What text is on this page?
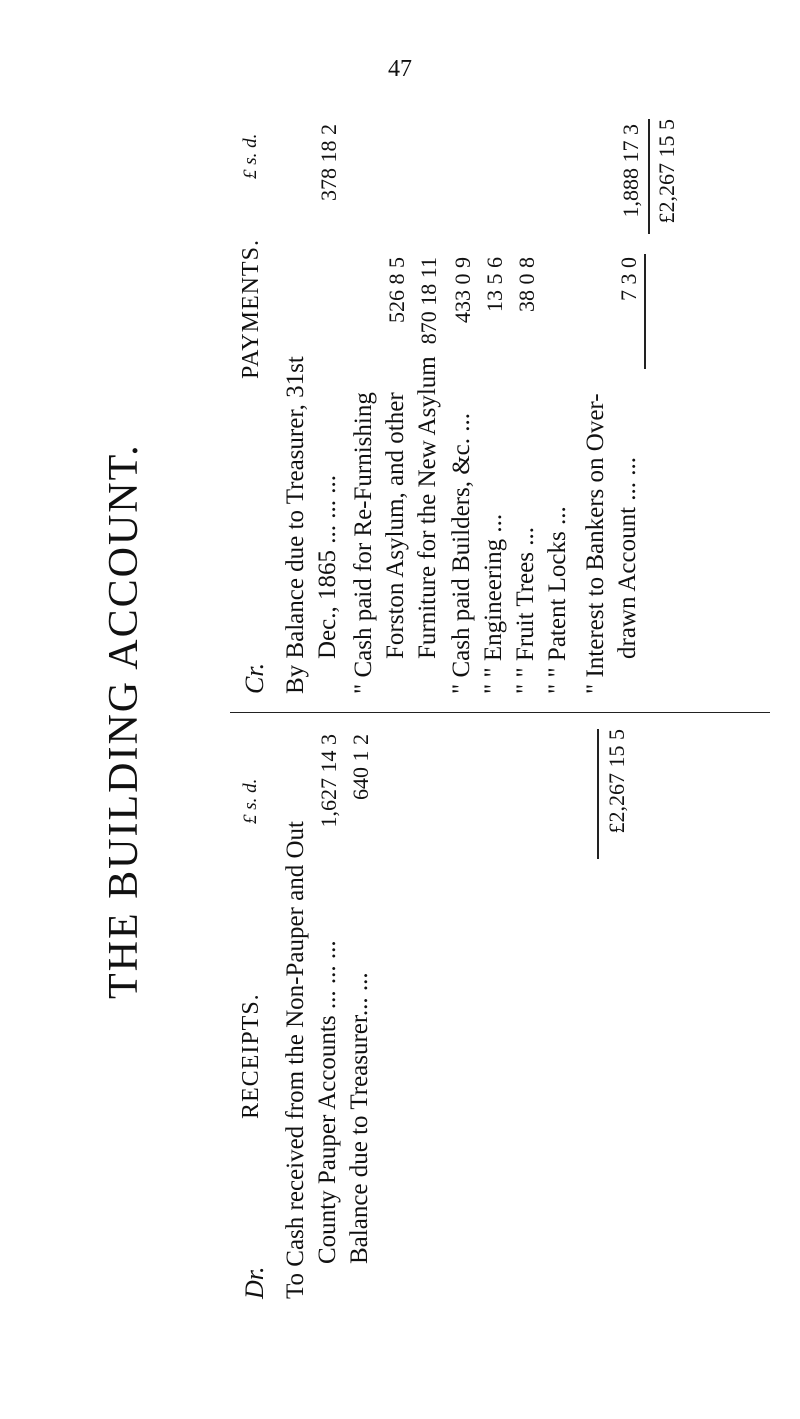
47
THE BUILDING ACCOUNT.
Dr.
RECEIPTS.
£ s. d.
To Cash received from the Non-Pauper and Out County Pauper Accounts ... ... ...
1,627 14 3
Balance due to Treasurer... ...
640 1 2	£2,267 15 5
Cr.
PAYMENTS.
£ s. d.
By Balance due to Treasurer, 31st Dec., 1865 ... ... ...
378 18 2
" Cash paid for Re-Furnishing Forston Asylum, and other
526 8 5
Furniture for the New Asylum
870 18 11
" Cash paid Builders, &c. ...
433 0 9
" " Engineering ...
13 5 6
" " Fruit Trees ...
38 0 8
" " Patent Locks ... " Interest to Bankers on Over- drawn Account ... ...
7 3 0
1,888 17 3 £2,267 15 5
